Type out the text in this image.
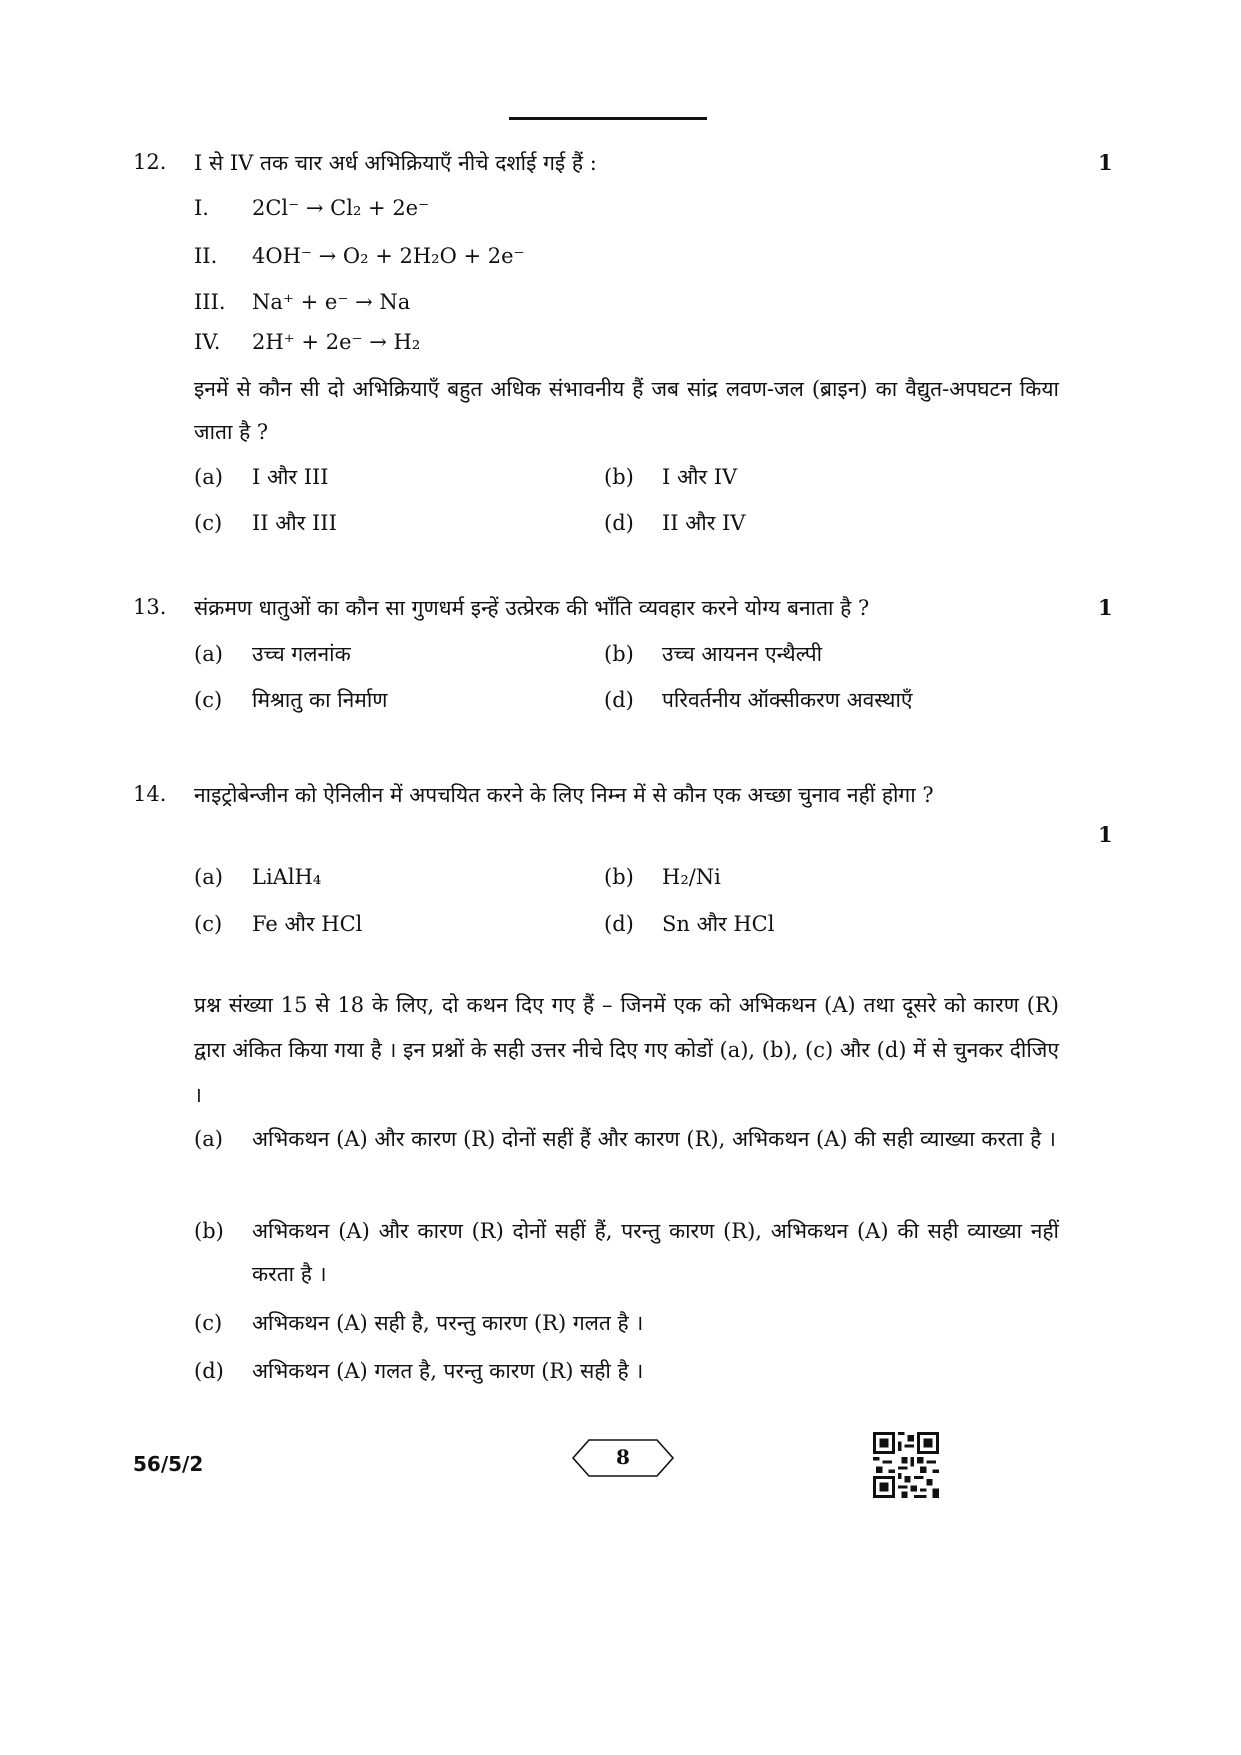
12. I से IV तक चार अर्ध अभिक्रियाएँ नीचे दर्शाई गई हैं :	1
I. 2Cl⁻ → Cl₂ + 2e⁻
II. 4OH⁻ → O₂ + 2H₂O + 2e⁻
III. Na⁺ + e⁻ → Na
IV. 2H⁺ + 2e⁻ → H₂
इनमें से कौन सी दो अभिक्रियाएँ बहुत अधिक संभावनीय हैं जब सांद्र लवण-जल (ब्राइन) का वैद्युत-अपघटन किया जाता है ?
(a) I और III	(b) I और IV
(c) II और III	(d) II और IV
13. संक्रमण धातुओं का कौन सा गुणधर्म इन्हें उत्प्रेरक की भाँति व्यवहार करने योग्य बनाता है ?	1
(a) उच्च गलनांक	(b) उच्च आयनन एन्थैल्पी
(c) मिश्रातु का निर्माण	(d) परिवर्तनीय ऑक्सीकरण अवस्थाएँ
14. नाइट्रोबेन्जीन को ऐनिलीन में अपचयित करने के लिए निम्न में से कौन एक अच्छा चुनाव नहीं होगा ?
1
(a) LiAlH₄	(b) H₂/Ni
(c) Fe और HCl	(d) Sn और HCl
प्रश्न संख्या 15 से 18 के लिए, दो कथन दिए गए हैं – जिनमें एक को अभिकथन (A) तथा दूसरे को कारण (R) द्वारा अंकित किया गया है । इन प्रश्नों के सही उत्तर नीचे दिए गए कोडों (a), (b), (c) और (d) में से चुनकर दीजिए ।
(a) अभिकथन (A) और कारण (R) दोनों सहीं हैं और कारण (R), अभिकथन (A) की सही व्याख्या करता है ।
(b) अभिकथन (A) और कारण (R) दोनों सहीं हैं, परन्तु कारण (R), अभिकथन (A) की सही व्याख्या नहीं करता है ।
(c) अभिकथन (A) सही है, परन्तु कारण (R) गलत है ।
(d) अभिकथन (A) गलत है, परन्तु कारण (R) सही है ।
56/5/2	8
